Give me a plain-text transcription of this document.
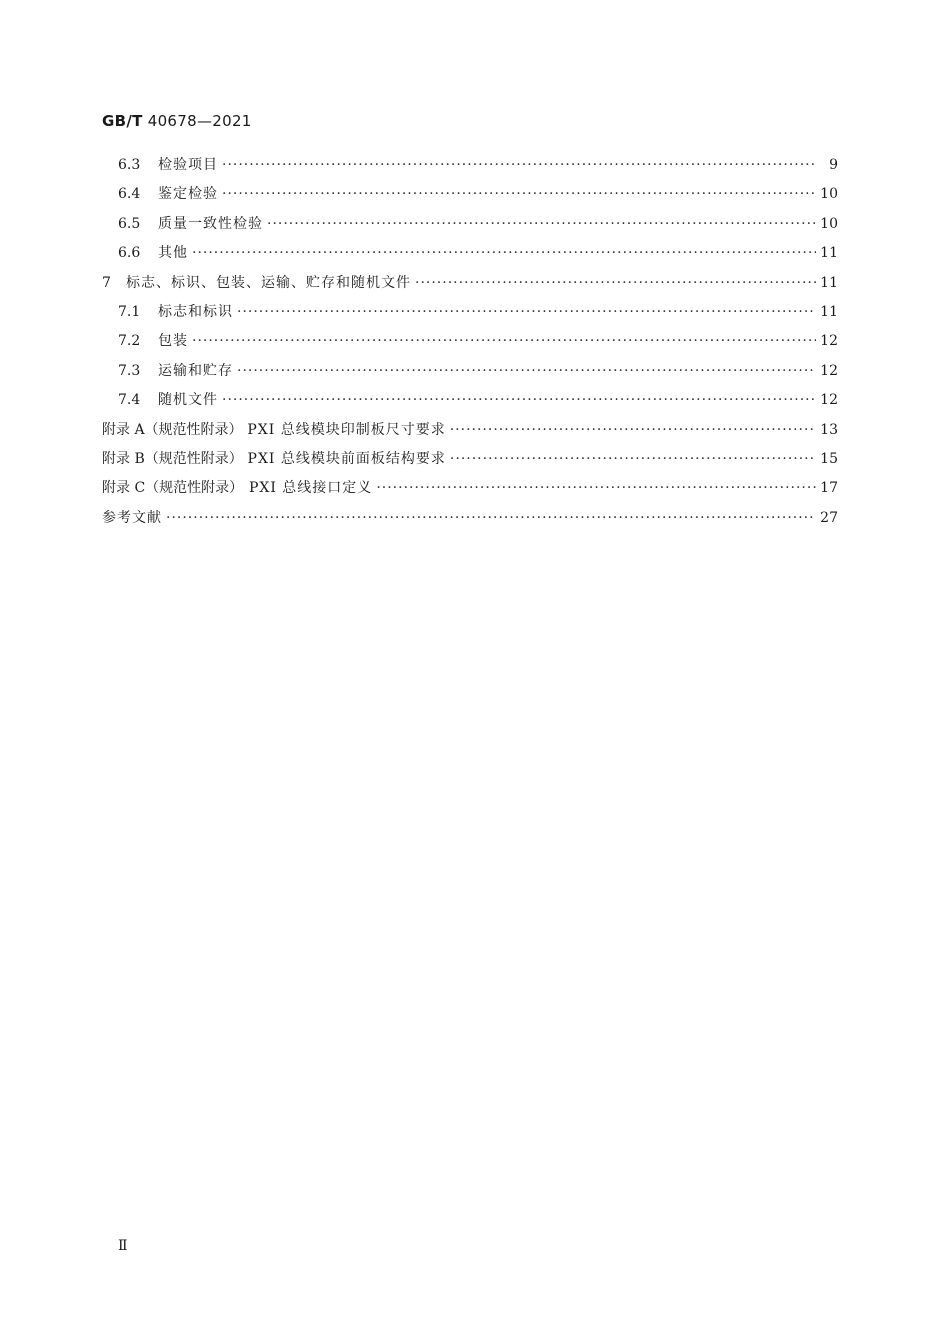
GB/T 40678—2021
6.3 检验项目 ·····	9
6.4 鉴定检验 ·····	10
6.5 质量一致性检验 ·····	10
6.6 其他 ·····	11
7 标志、标识、包装、运输、贮存和随机文件 ·····	11
7.1 标志和标识 ·····	11
7.2 包装 ·····	12
7.3 运输和贮存 ·····	12
7.4 随机文件 ·····	12
附录 A（规范性附录） PXI 总线模块印制板尺寸要求 ·····	13
附录 B（规范性附录） PXI 总线模块前面板结构要求 ·····	15
附录 C（规范性附录） PXI 总线接口定义 ·····	17
参考文献 ·····	27
Ⅱ
